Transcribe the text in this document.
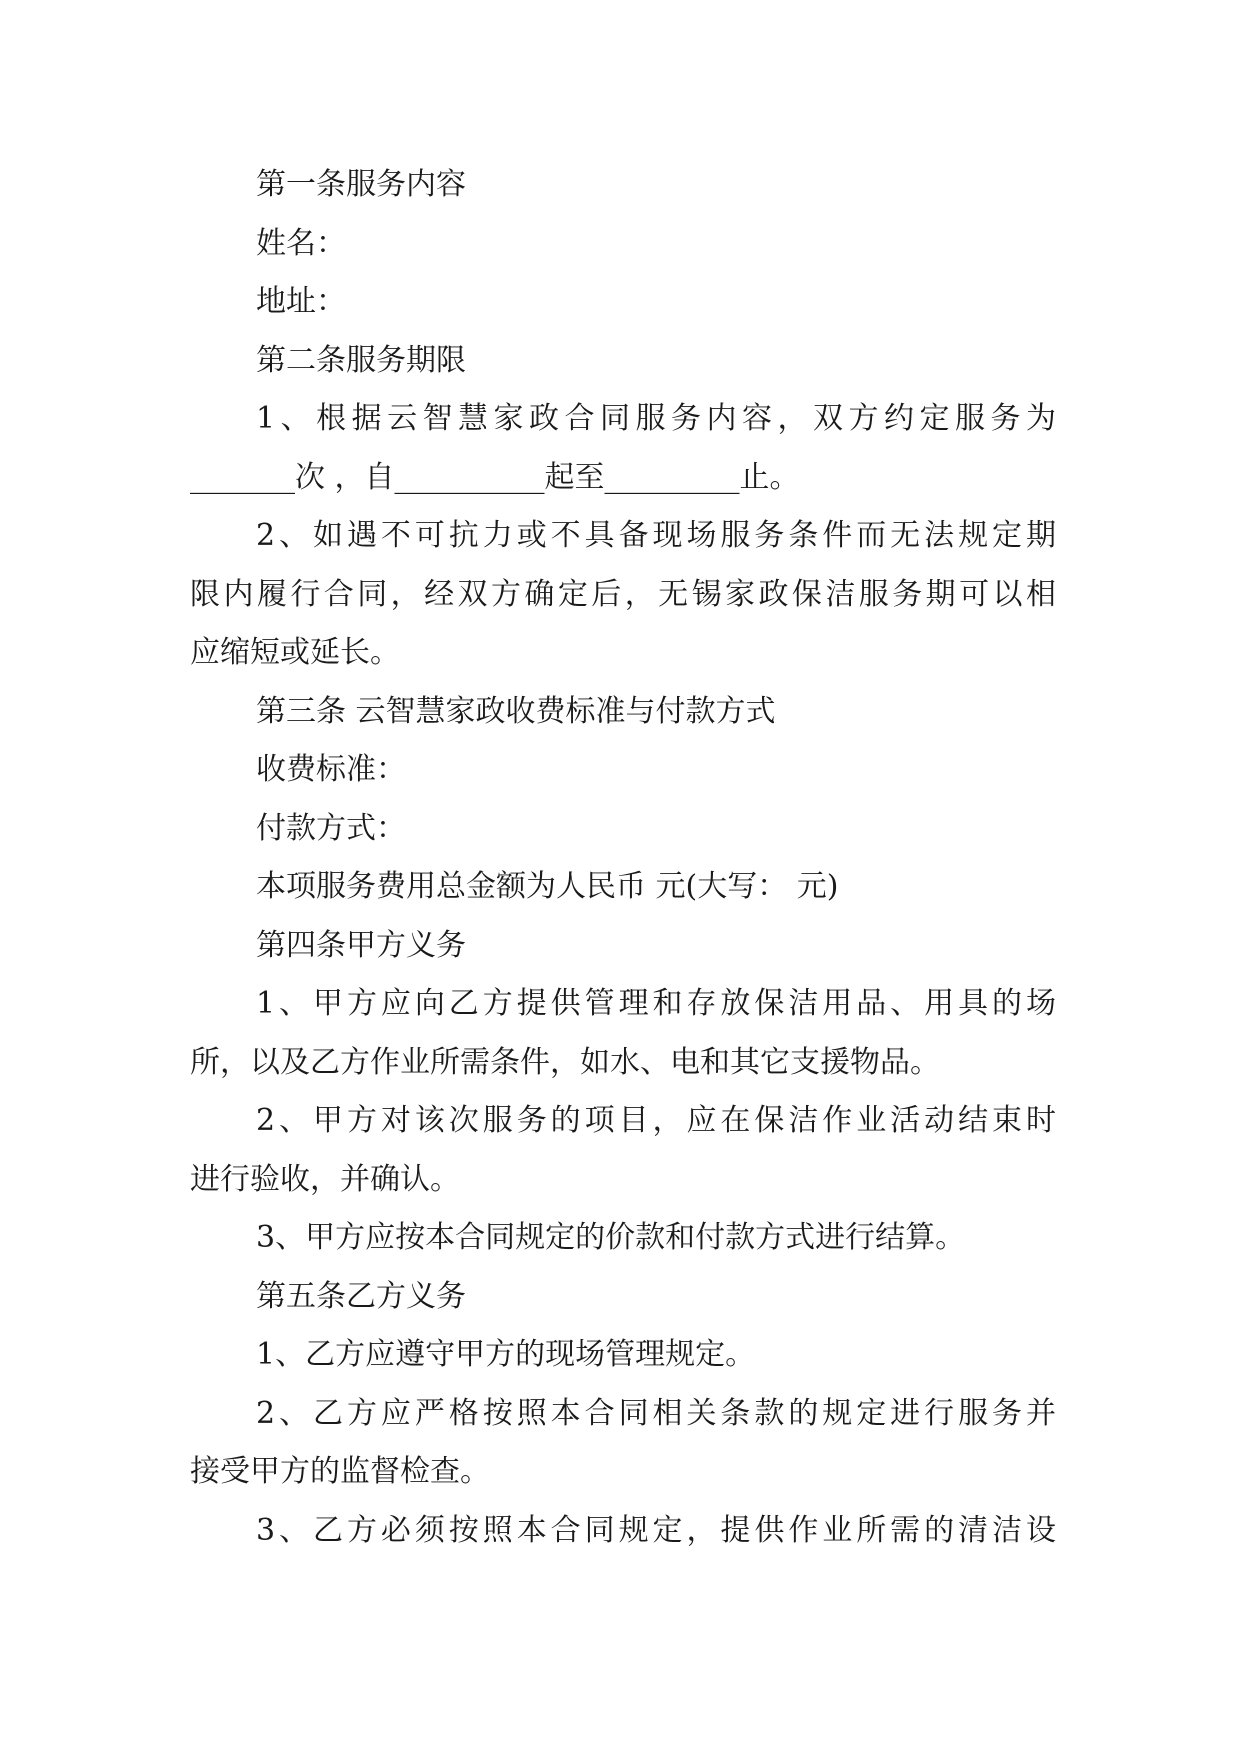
第一条服务内容
姓名：
地址：
第二条服务期限
1、根据云智慧家政合同服务内容，双方约定服务为
_______次 ，自__________起至_________止。
2、如遇不可抗力或不具备现场服务条件而无法规定期
限内履行合同，经双方确定后，无锡家政保洁服务期可以相
应缩短或延长。
第三条 云智慧家政收费标准与付款方式
收费标准：
付款方式：
本项服务费用总金额为人民币 元(大写： 元)
第四条甲方义务
1、甲方应向乙方提供管理和存放保洁用品、用具的场
所，以及乙方作业所需条件，如水、电和其它支援物品。
2、甲方对该次服务的项目，应在保洁作业活动结束时
进行验收，并确认。
3、甲方应按本合同规定的价款和付款方式进行结算。
第五条乙方义务
1、乙方应遵守甲方的现场管理规定。
2、乙方应严格按照本合同相关条款的规定进行服务并
接受甲方的监督检查。
3、乙方必须按照本合同规定，提供作业所需的清洁设
